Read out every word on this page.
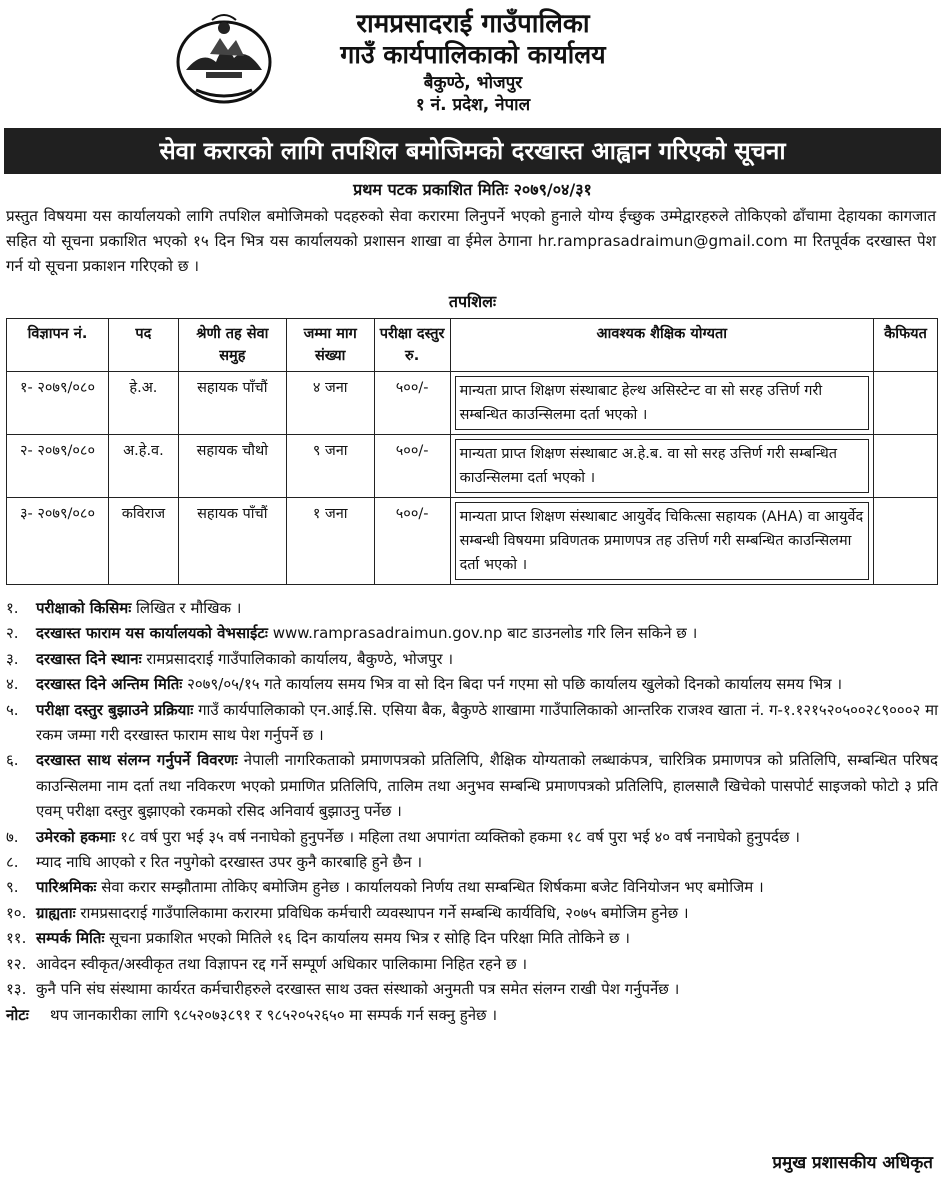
रामप्रसादराई गाउँपालिका
गाउँ कार्यपालिकाको कार्यालय
बैकुण्ठे, भोजपुर
१ नं. प्रदेश, नेपाल
सेवा करारको लागि तपशिल बमोजिमको दरखास्त आह्वान गरिएको सूचना
प्रथम पटक प्रकाशित मितिः २०७९/०४/३१
प्रस्तुत विषयमा यस कार्यालयको लागि तपशिल बमोजिमको पदहरुको सेवा करारमा लिनुपर्ने भएको हुनाले योग्य ईच्छुक उम्मेद्वारहरुले तोकिएको ढाँचामा देहायका कागजात सहित यो सूचना प्रकाशित भएको १५ दिन भित्र यस कार्यालयको प्रशासन शाखा वा ईमेल ठेगाना hr.ramprasadraimun@gmail.com मा रितपूर्वक दरखास्त पेश गर्न यो सूचना प्रकाशन गरिएको छ ।
तपशिलः
विज्ञापन नं.	पद	श्रेणी तह सेवा समुह	जम्मा माग संख्या	परीक्षा दस्तुर रु.	आवश्यक शैक्षिक योग्यता	कैफियत
१- २०७९/०८०	हे.अ.	सहायक पाँचौं	४ जना	५००/-	मान्यता प्राप्त शिक्षण संस्थाबाट हेल्थ असिस्टेन्ट वा सो सरह उत्तिर्ण गरी सम्बन्धित काउन्सिलमा दर्ता भएको ।	

२- २०७९/०८०	अ.हे.व.	सहायक चौथो	९ जना	५००/-	मान्यता प्राप्त शिक्षण संस्थाबाट अ.हे.ब. वा सो सरह उत्तिर्ण गरी सम्बन्धित काउन्सिलमा दर्ता भएको ।	

३- २०७९/०८०	कविराज	सहायक पाँचौं	१ जना	५००/-	मान्यता प्राप्त शिक्षण संस्थाबाट आयुर्वेद चिकित्सा सहायक (AHA) वा आयुर्वेद सम्बन्धी विषयमा प्रविणतक प्रमाणपत्र तह उत्तिर्ण गरी सम्बन्धित काउन्सिलमा दर्ता भएको ।	

१.	परीक्षाको किसिमः लिखित र मौखिक ।
२.	दरखास्त फाराम यस कार्यालयको वेभसाईटः www.ramprasadraimun.gov.np बाट डाउनलोड गरि लिन सकिने छ ।
३.	दरखास्त दिने स्थानः रामप्रसादराई गाउँपालिकाको कार्यालय, बैकुण्ठे, भोजपुर ।
४.	दरखास्त दिने अन्तिम मितिः २०७९/०५/१५ गते कार्यालय समय भित्र वा सो दिन बिदा पर्न गएमा सो पछि कार्यालय खुलेको दिनको कार्यालय समय भित्र ।
५.	परीक्षा दस्तुर बुझाउने प्रक्रियाः गाउँ कार्यपालिकाको एन.आई.सि. एसिया बैक, बैकुण्ठे शाखामा गाउँपालिकाको आन्तरिक राजश्व खाता नं. ग-१.१२१५२०५००२८९०००२ मा रकम जम्मा गरी दरखास्त फाराम साथ पेश गर्नुपर्ने छ ।
६.	दरखास्त साथ संलग्न गर्नुपर्ने विवरणः नेपाली नागरिकताको प्रमाणपत्रको प्रतिलिपि, शैक्षिक योग्यताको लब्धाकंपत्र, चारित्रिक प्रमाणपत्र को प्रतिलिपि, सम्बन्धित परिषद काउन्सिलमा नाम दर्ता तथा नविकरण भएको प्रमाणित प्रतिलिपि, तालिम तथा अनुभव सम्बन्धि प्रमाणपत्रको प्रतिलिपि, हालसालै खिचेको पासपोर्ट साइजको फोटो ३ प्रति एवम् परीक्षा दस्तुर बुझाएको रकमको रसिद अनिवार्य बुझाउनु पर्नेछ ।
७.	उमेरको हकमाः १८ वर्ष पुरा भई ३५ वर्ष ननाघेको हुनुपर्नेछ । महिला तथा अपागंता व्यक्तिको हकमा १८ वर्ष पुरा भई ४० वर्ष ननाघेको हुनुपर्दछ ।
८.	म्याद नाघि आएको र रित नपुगेको दरखास्त उपर कुनै कारबाहि हुने छैन ।
९.	पारिश्रमिकः सेवा करार सम्झौतामा तोकिए बमोजिम हुनेछ । कार्यालयको निर्णय तथा सम्बन्धित शिर्षकमा बजेट विनियोजन भए बमोजिम ।
१०. ग्राह्यताः रामप्रसादराई गाउँपालिकामा करारमा प्रविधिक कर्मचारी व्यवस्थापन गर्ने सम्बन्धि कार्यविधि, २०७५ बमोजिम हुनेछ ।
११. सम्पर्क मितिः सूचना प्रकाशित भएको मितिले १६ दिन कार्यालय समय भित्र र सोहि दिन परिक्षा मिति तोकिने छ ।
१२. आवेदन स्वीकृत/अस्वीकृत तथा विज्ञापन रद्द गर्ने सम्पूर्ण अधिकार पालिकामा निहित रहने छ ।
१३. कुनै पनि संघ संस्थामा कार्यरत कर्मचारीहरुले दरखास्त साथ उक्त संस्थाको अनुमती पत्र समेत संलग्न राखी पेश गर्नुपर्नेछ ।
नोटः	थप जानकारीका लागि ९८५२०७३८९१ र ९८५२०५२६५० मा सम्पर्क गर्न सक्नु हुनेछ ।
प्रमुख प्रशासकीय अधिकृत
